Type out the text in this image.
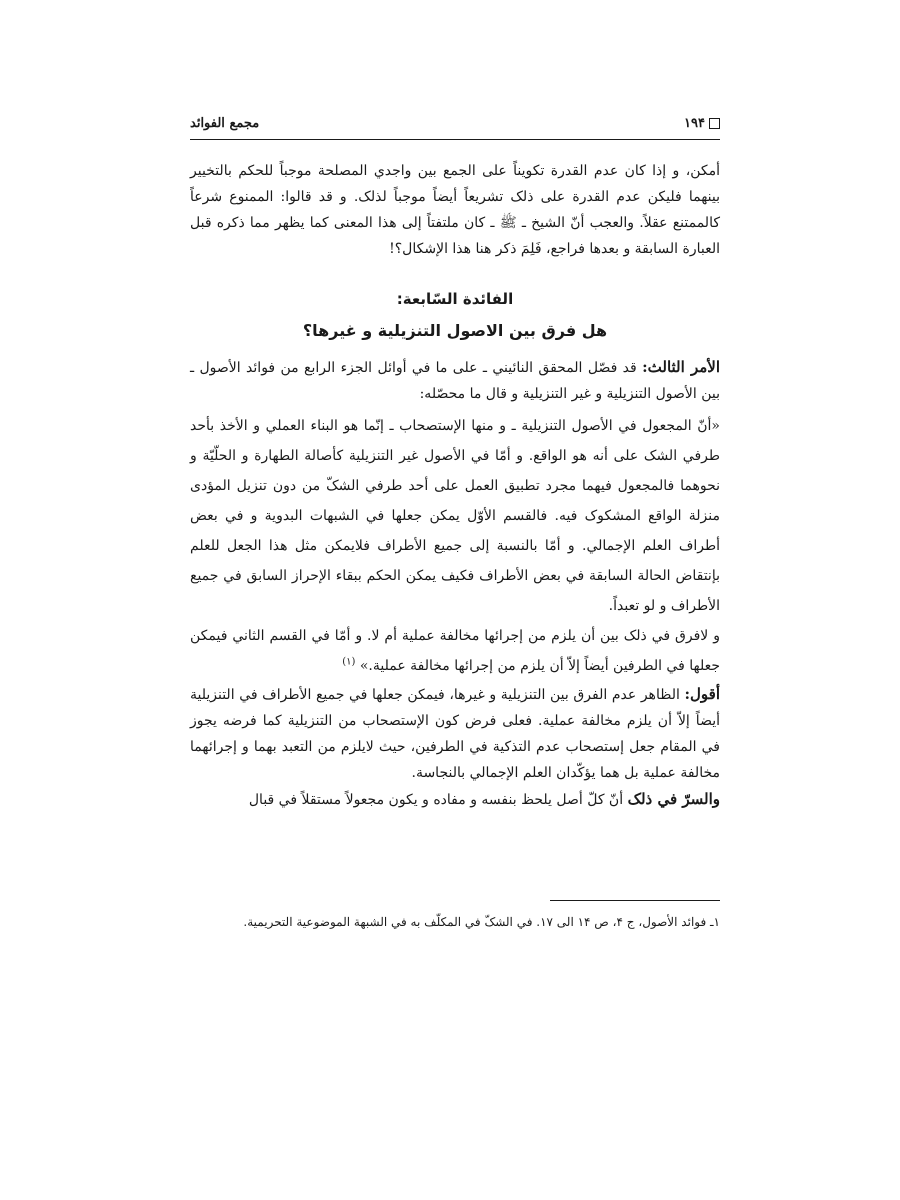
مجمع الفوائد	۱۹۴

أمكن، و إذا كان عدم القدرة تكويناً على الجمع بين واجدي المصلحة موجباً للحكم بالتخيير بينهما فليكن عدم القدرة على ذلک تشريعاً أيضاً موجباً لذلک. و قد قالوا: الممنوع شرعاً كالممتنع عقلاً. والعجب أنّ الشيخ ـ ﷺ ـ كان ملتفتاً إلى هذا المعنى كما يظهر مما ذكره قبل العبارة السابقة و بعدها فراجع، فَلِمَ ذكر هنا هذا الإشكال؟!

الفائدة السّابعة:
هل فرق بين الاصول التنزيلية و غيرها؟

الأمر الثالث: قد فصّل المحقق النائيني ـ على ما في أوائل الجزء الرابع من فوائد الأصول ـ بين الأصول التنزيلية و غير التنزيلية و قال ما محصّله:

«أنّ المجعول في الأصول التنزيلية ـ و منها الإستصحاب ـ إنّما هو البناء العملي و الأخذ بأحد طرفي الشک على أنه هو الواقع. و أمّا في الأصول غير التنزيلية كأصالة الطهارة و الحلّيّة و نحوهما فالمجعول فيهما مجرد تطبيق العمل على أحد طرفي الشکّ من دون تنزيل المؤدى منزلة الواقع المشكوک فيه. فالقسم الأوّل يمكن جعلها في الشبهات البدوية و في بعض أطراف العلم الإجمالي. و أمّا بالنسبة إلى جميع الأطراف فلايمكن مثل هذا الجعل للعلم بإنتقاض الحالة السابقة في بعض الأطراف فكيف يمكن الحكم ببقاء الإحراز السابق في جميع الأطراف و لو تعبداً.

و لافرق في ذلک بين أن يلزم من إجرائها مخالفة عملية أم لا. و أمّا في القسم الثاني فيمكن جعلها في الطرفين أيضاً إلاّ أن يلزم من إجرائها مخالفة عملية.» $^{(۱)}$

أقول: الظاهر عدم الفرق بين التنزيلية و غيرها، فيمكن جعلها في جميع الأطراف في التنزيلية أيضاً إلاّ أن يلزم مخالفة عملية. فعلى فرض كون الإستصحاب من التنزيلية كما فرضه يجوز في المقام جعل إستصحاب عدم التذكية في الطرفين، حيث لايلزم من التعبد بهما و إجرائهما مخالفة عملية بل هما يؤكّدان العلم الإجمالي بالنجاسة.

والسرّ في ذلک أنّ كلّ أصل يلحظ بنفسه و مفاده و يكون مجعولاً مستقلاً في قبال

١ـ فوائد الأصول، ج ۴، ص ۱۴ الى ۱۷. في الشکّ في المكلّف به في الشبهة الموضوعية التحريمية.
